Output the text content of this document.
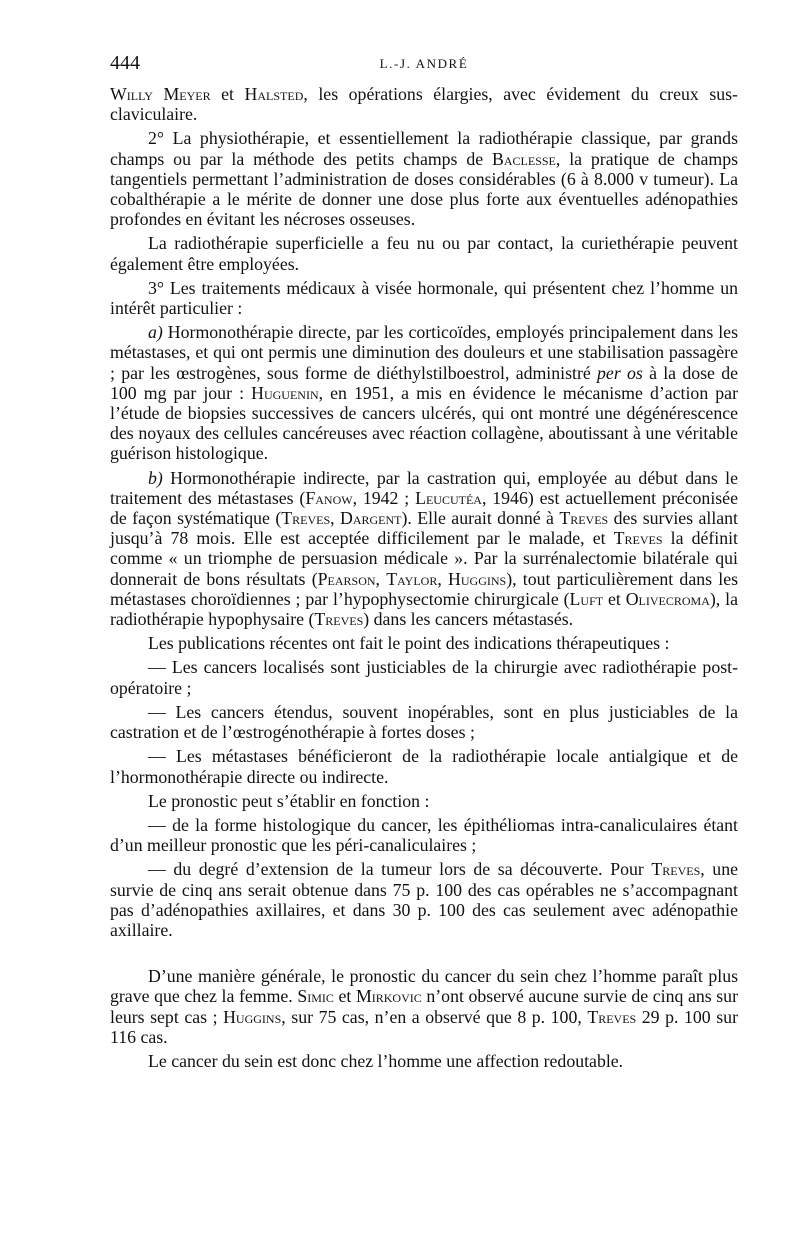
444	L.-J. ANDRÉ

Willy Meyer et Halsted, les opérations élargies, avec évidement du creux sus-claviculaire.

2° La physiothérapie, et essentiellement la radiothérapie classique, par grands champs ou par la méthode des petits champs de Baclesse, la pratique de champs tangentiels permettant l’administration de doses considérables (6 à 8.000 v tumeur). La cobalthérapie a le mérite de donner une dose plus forte aux éventuelles adénopathies profondes en évitant les nécroses osseuses.

La radiothérapie superficielle a feu nu ou par contact, la curiethérapie peuvent également être employées.

3° Les traitements médicaux à visée hormonale, qui présentent chez l’homme un intérêt particulier :

a) Hormonothérapie directe, par les corticoïdes, employés principalement dans les métastases, et qui ont permis une diminution des douleurs et une stabilisation passagère ; par les œstrogènes, sous forme de diéthylstilboestrol, administré per os à la dose de 100 mg par jour : Huguenin, en 1951, a mis en évidence le mécanisme d’action par l’étude de biopsies successives de cancers ulcérés, qui ont montré une dégénérescence des noyaux des cellules cancéreuses avec réaction collagène, aboutissant à une véritable guérison histologique.

b) Hormonothérapie indirecte, par la castration qui, employée au début dans le traitement des métastases (Fanow, 1942 ; Leucutéa, 1946) est actuellement préconisée de façon systématique (Treves, Dargent). Elle aurait donné à Treves des survies allant jusqu’à 78 mois. Elle est acceptée difficilement par le malade, et Treves la définit comme « un triomphe de persuasion médicale ». Par la surrénalectomie bilatérale qui donnerait de bons résultats (Pearson, Taylor, Huggins), tout particulièrement dans les métastases choroïdiennes ; par l’hypophysectomie chirurgicale (Luft et Olivecroma), la radiothérapie hypophysaire (Treves) dans les cancers métastasés.

Les publications récentes ont fait le point des indications thérapeutiques :

— Les cancers localisés sont justiciables de la chirurgie avec radiothérapie post-opératoire ;

— Les cancers étendus, souvent inopérables, sont en plus justiciables de la castration et de l’œstrogénothérapie à fortes doses ;

— Les métastases bénéficieront de la radiothérapie locale antialgique et de l’hormonothérapie directe ou indirecte.

Le pronostic peut s’établir en fonction :

— de la forme histologique du cancer, les épithéliomas intra-canaliculaires étant d’un meilleur pronostic que les péri-canaliculaires ;

— du degré d’extension de la tumeur lors de sa découverte. Pour Treves, une survie de cinq ans serait obtenue dans 75 p. 100 des cas opérables ne s’accompagnant pas d’adénopathies axillaires, et dans 30 p. 100 des cas seulement avec adénopathie axillaire.

D’une manière générale, le pronostic du cancer du sein chez l’homme paraît plus grave que chez la femme. Simic et Mirkovic n’ont observé aucune survie de cinq ans sur leurs sept cas ; Huggins, sur 75 cas, n’en a observé que 8 p. 100, Treves 29 p. 100 sur 116 cas.

Le cancer du sein est donc chez l’homme une affection redoutable.
